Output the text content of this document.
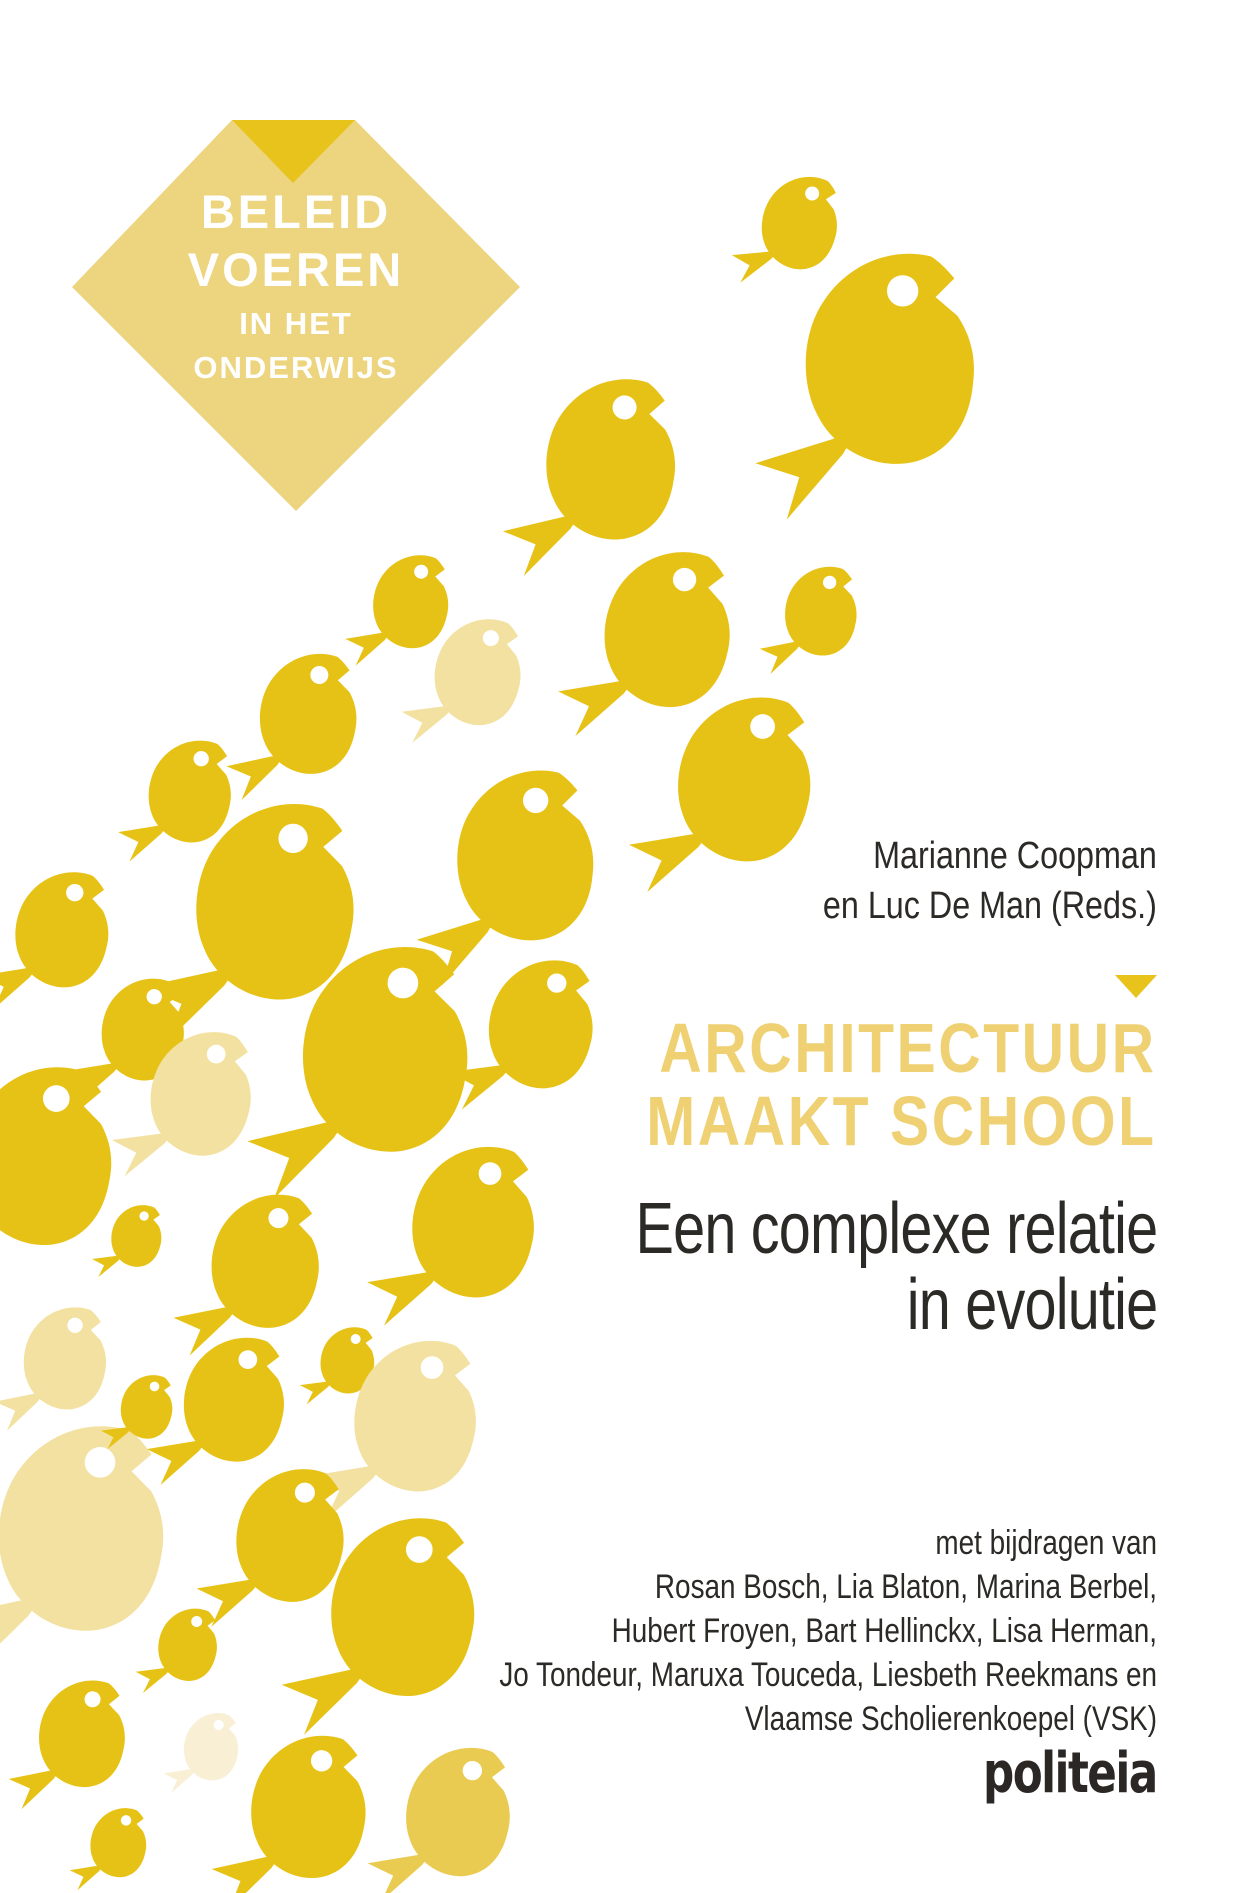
BELEID
VOEREN
IN HET
ONDERWIJS
Marianne Coopman
en Luc De Man (Reds.)
ARCHITECTUUR
MAAKT SCHOOL
Een complexe relatie
in evolutie
met bijdragen van
Rosan Bosch, Lia Blaton, Marina Berbel,
Hubert Froyen, Bart Hellinckx, Lisa Herman,
Jo Tondeur, Maruxa Touceda, Liesbeth Reekmans en
Vlaamse Scholierenkoepel (VSK)
politeia
